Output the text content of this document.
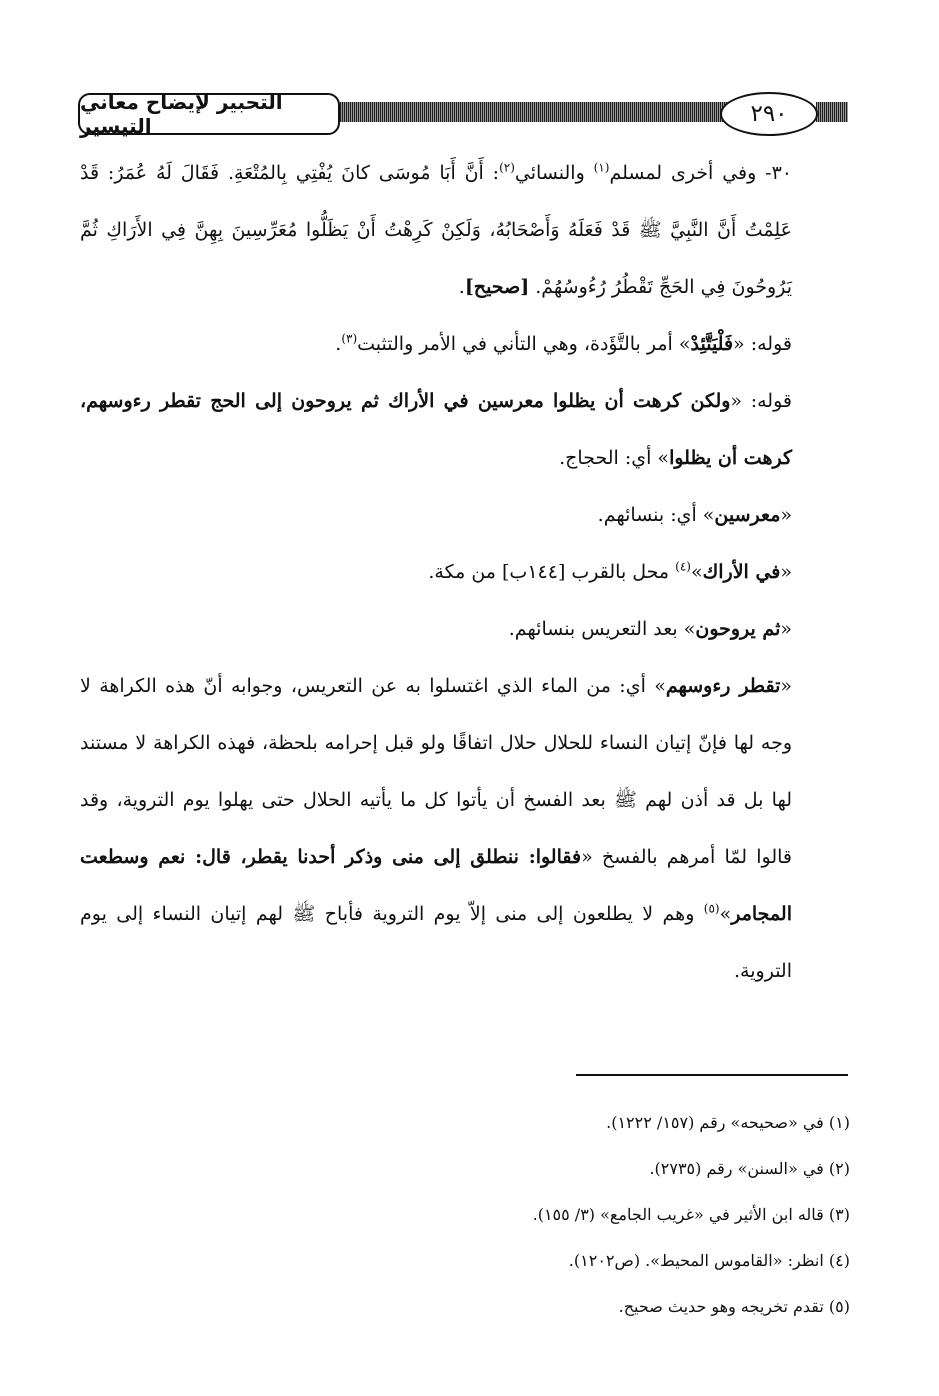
التحبير لإيضاح معاني التيسير	٢٩٠

٣٠- وفي أخرى لمسلم$^{(١)}$ والنسائي$^{(٢)}$: أَنَّ أَبَا مُوسَى كانَ يُفْتِي بِالمُتْعَةِ. فَقَالَ لَهُ عُمَرُ: قَدْ عَلِمْتُ أَنَّ النَّبِيَّ ﷺ قَدْ فَعَلَهُ وَأَصْحَابُهُ، وَلَكِنْ كَرِهْتُ أَنْ يَظَلُّوا مُعَرِّسِينَ بِهِنَّ فِي الأَرَاكِ ثُمَّ يَرُوحُونَ فِي الحَجِّ تَقْطُرُ رُءُوسُهُمْ. [صحيح].

قوله: «فَلْيَتَّئِدْ» أمر بالتَّؤَدة، وهي التأني في الأمر والتثبت$^{(٣)}$.

قوله: «ولكن كرهت أن يظلوا معرسين في الأراك ثم يروحون إلى الحج تقطر رءوسهم، كرهت أن يظلوا» أي: الحجاج.

«معرسين» أي: بنسائهم.

«في الأراك»$^{(٤)}$ محل بالقرب [١٤٤ب] من مكة.

«ثم يروحون» بعد التعريس بنسائهم.

«تقطر رءوسهم» أي: من الماء الذي اغتسلوا به عن التعريس، وجوابه أنّ هذه الكراهة لا وجه لها فإنّ إتيان النساء للحلال حلال اتفاقًا ولو قبل إحرامه بلحظة، فهذه الكراهة لا مستند لها بل قد أذن لهم ﷺ بعد الفسخ أن يأتوا كل ما يأتيه الحلال حتى يهلوا يوم التروية، وقد قالوا لمّا أمرهم بالفسخ «فقالوا: ننطلق إلى منى وذكر أحدنا يقطر، قال: نعم وسطعت المجامر»$^{(٥)}$ وهم لا يطلعون إلى منى إلاّ يوم التروية فأباح ﷺ لهم إتيان النساء إلى يوم التروية.

(١) في «صحيحه» رقم (١٥٧/ ١٢٢٢).

(٢) في «السنن» رقم (٢٧٣٥).

(٣) قاله ابن الأثير في «غريب الجامع» (٣/ ١٥٥).

(٤) انظر: «القاموس المحيط». (ص١٢٠٢).

(٥) تقدم تخريجه وهو حديث صحيح.
